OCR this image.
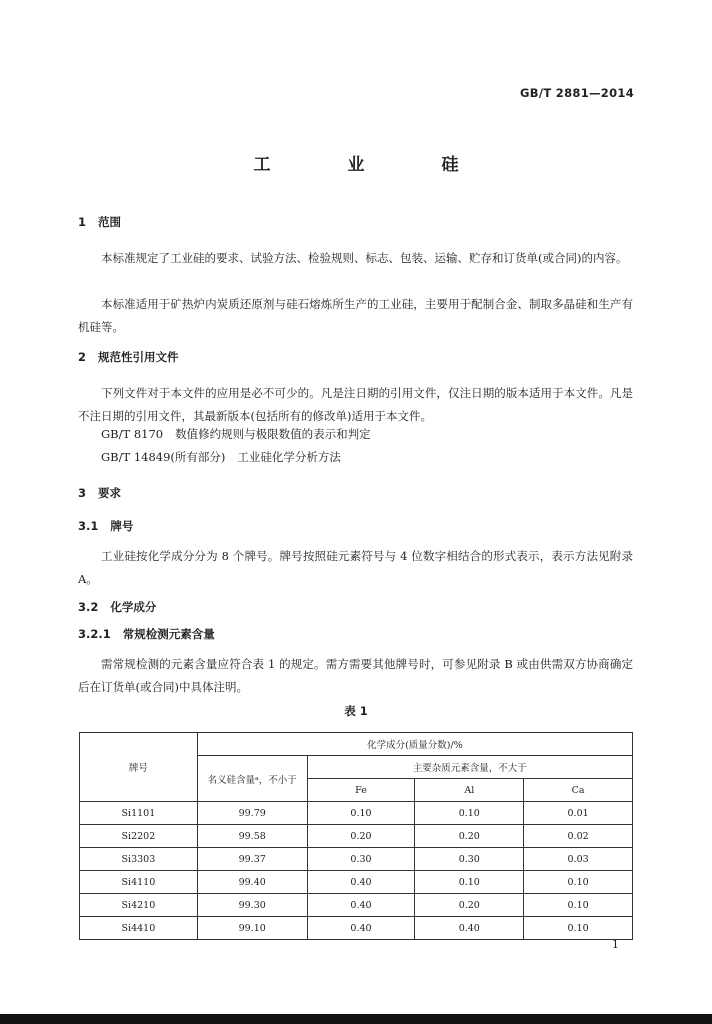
GB/T 2881—2014
工　业　硅
1 范围
本标准规定了工业硅的要求、试验方法、检验规则、标志、包装、运输、贮存和订货单(或合同)的内容。
本标准适用于矿热炉内炭质还原剂与硅石熔炼所生产的工业硅，主要用于配制合金、制取多晶硅和生产有机硅等。
2 规范性引用文件
下列文件对于本文件的应用是必不可少的。凡是注日期的引用文件，仅注日期的版本适用于本文件。凡是不注日期的引用文件，其最新版本(包括所有的修改单)适用于本文件。
GB/T 8170 数值修约规则与极限数值的表示和判定
GB/T 14849(所有部分) 工业硅化学分析方法
3 要求
3.1 牌号
工业硅按化学成分分为 8 个牌号。牌号按照硅元素符号与 4 位数字相结合的形式表示，表示方法见附录 A。
3.2 化学成分
3.2.1 常规检测元素含量
需常规检测的元素含量应符合表 1 的规定。需方需要其他牌号时，可参见附录 B 或由供需双方协商确定后在订货单(或合同)中具体注明。
表 1
牌号	化学成分(质量分数)/%			
	名义硅含量ᵃ，不小于	主要杂质元素含量，不大于		
		Fe	Al	Ca
Si1101	99.79	0.10	0.10	0.01
Si2202	99.58	0.20	0.20	0.02
Si3303	99.37	0.30	0.30	0.03
Si4110	99.40	0.40	0.10	0.10
Si4210	99.30	0.40	0.20	0.10
Si4410	99.10	0.40	0.40	0.10
1
